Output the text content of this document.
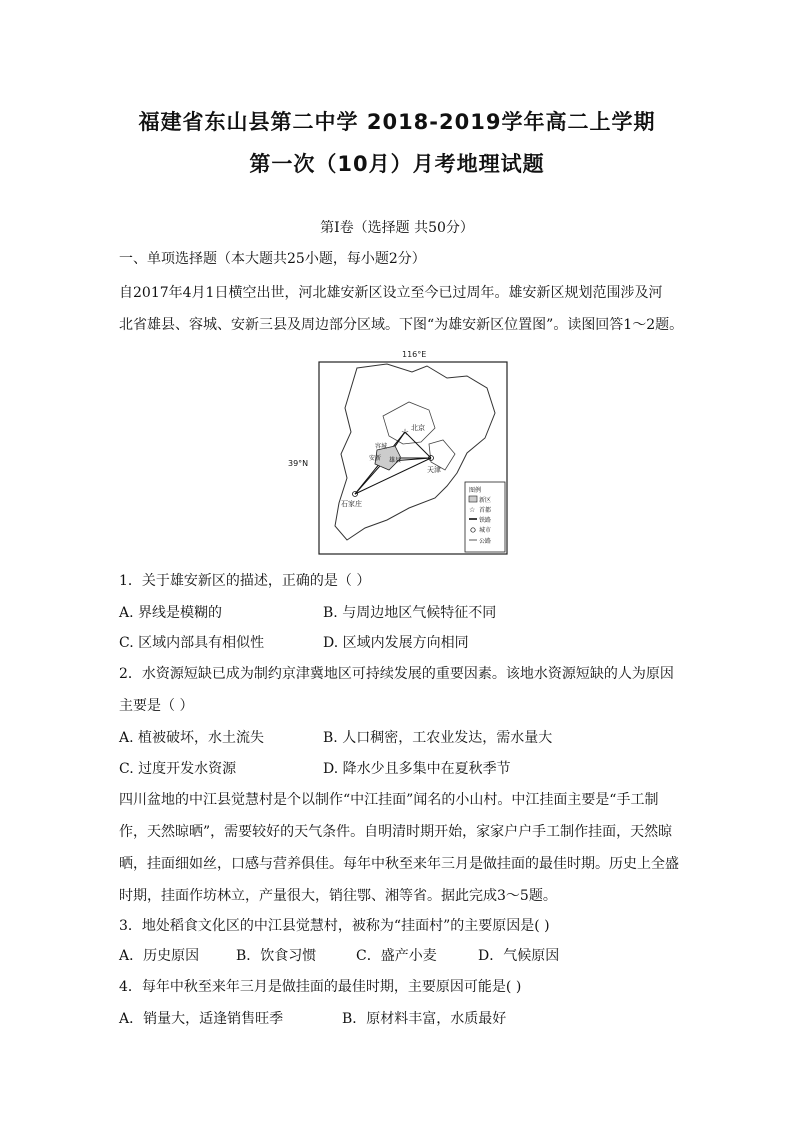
福建省东山县第二中学 2018-2019学年高二上学期
第一次（10月）月考地理试题
第Ⅰ卷（选择题 共50分）
一、单项选择题（本大题共25小题，每小题2分）
自2017年4月1日横空出世，河北雄安新区设立至今已过周年。雄安新区规划范围涉及河
北省雄县、容城、安新三县及周边部分区域。下图“为雄安新区位置图”。读图回答1～2题。
116°E
☆ 北京
天津
石家庄
容城
安新 雄县
图例
新区
☆ 首都
铁路
城市
公路
39°N
1．关于雄安新区的描述，正确的是（ ）
A. 界线是模糊的	B. 与周边地区气候特征不同
C. 区域内部具有相似性	D. 区域内发展方向相同
2．水资源短缺已成为制约京津冀地区可持续发展的重要因素。该地水资源短缺的人为原因
主要是（ ）
A. 植被破坏，水土流失	B. 人口稠密，工农业发达，需水量大
C. 过度开发水资源	D. 降水少且多集中在夏秋季节
四川盆地的中江县觉慧村是个以制作“中江挂面”闻名的小山村。中江挂面主要是“手工制
作，天然晾晒”，需要较好的天气条件。自明清时期开始，家家户户手工制作挂面，天然晾
晒，挂面细如丝，口感与营养俱佳。每年中秋至来年三月是做挂面的最佳时期。历史上全盛
时期，挂面作坊林立，产量很大，销往鄂、湘等省。据此完成3～5题。
3．地处稻食文化区的中江县觉慧村，被称为“挂面村”的主要原因是( )
A．历史原因	B．饮食习惯	C．盛产小麦	D．气候原因
4．每年中秋至来年三月是做挂面的最佳时期，主要原因可能是( )
A．销量大，适逢销售旺季	B．原材料丰富，水质最好
